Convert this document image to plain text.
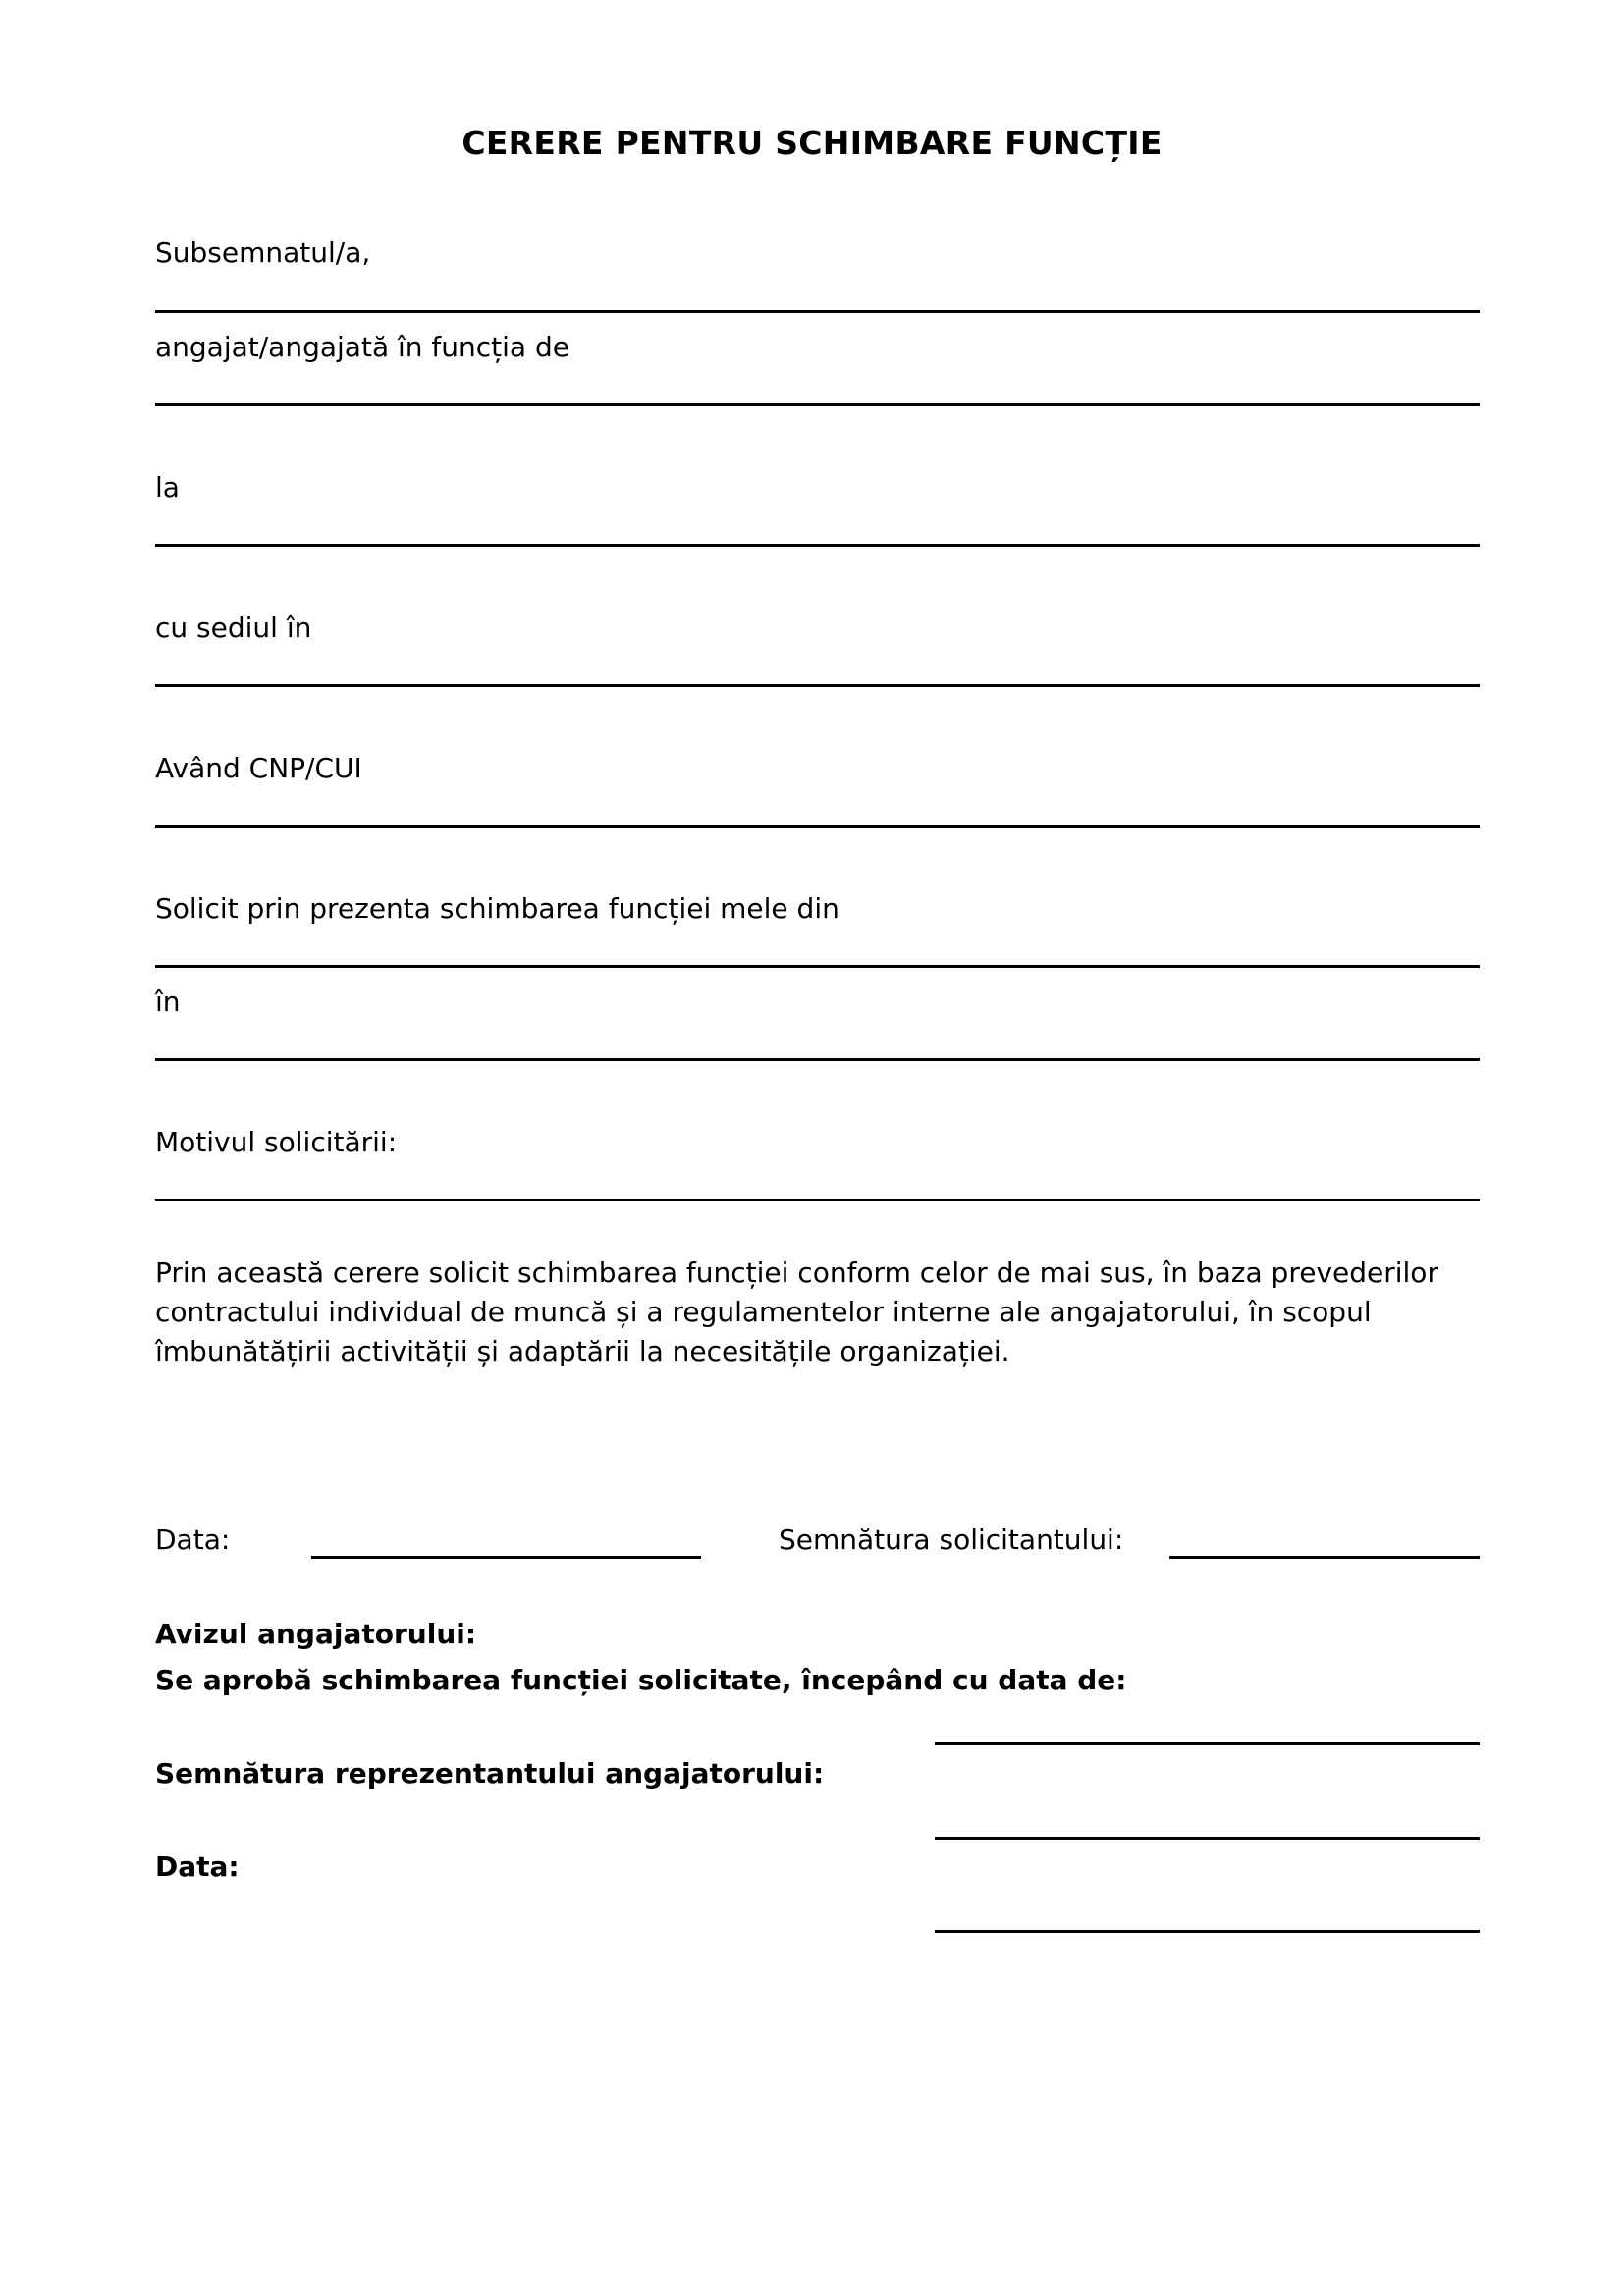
CERERE PENTRU SCHIMBARE FUNCȚIE
Subsemnatul/a,
angajat/angajată în funcția de
la
cu sediul în
Având CNP/CUI
Solicit prin prezenta schimbarea funcției mele din
în
Motivul solicitării:
Prin această cerere solicit schimbarea funcției conform celor de mai sus, în baza prevederilor contractului individual de muncă și a regulamentelor interne ale angajatorului, în scopul îmbunătățirii activității și adaptării la necesitățile organizației.
Data:	Semnătura solicitantului:
Avizul angajatorului:
Se aprobă schimbarea funcției solicitate, începând cu data de:
Semnătura reprezentantului angajatorului:
Data:
